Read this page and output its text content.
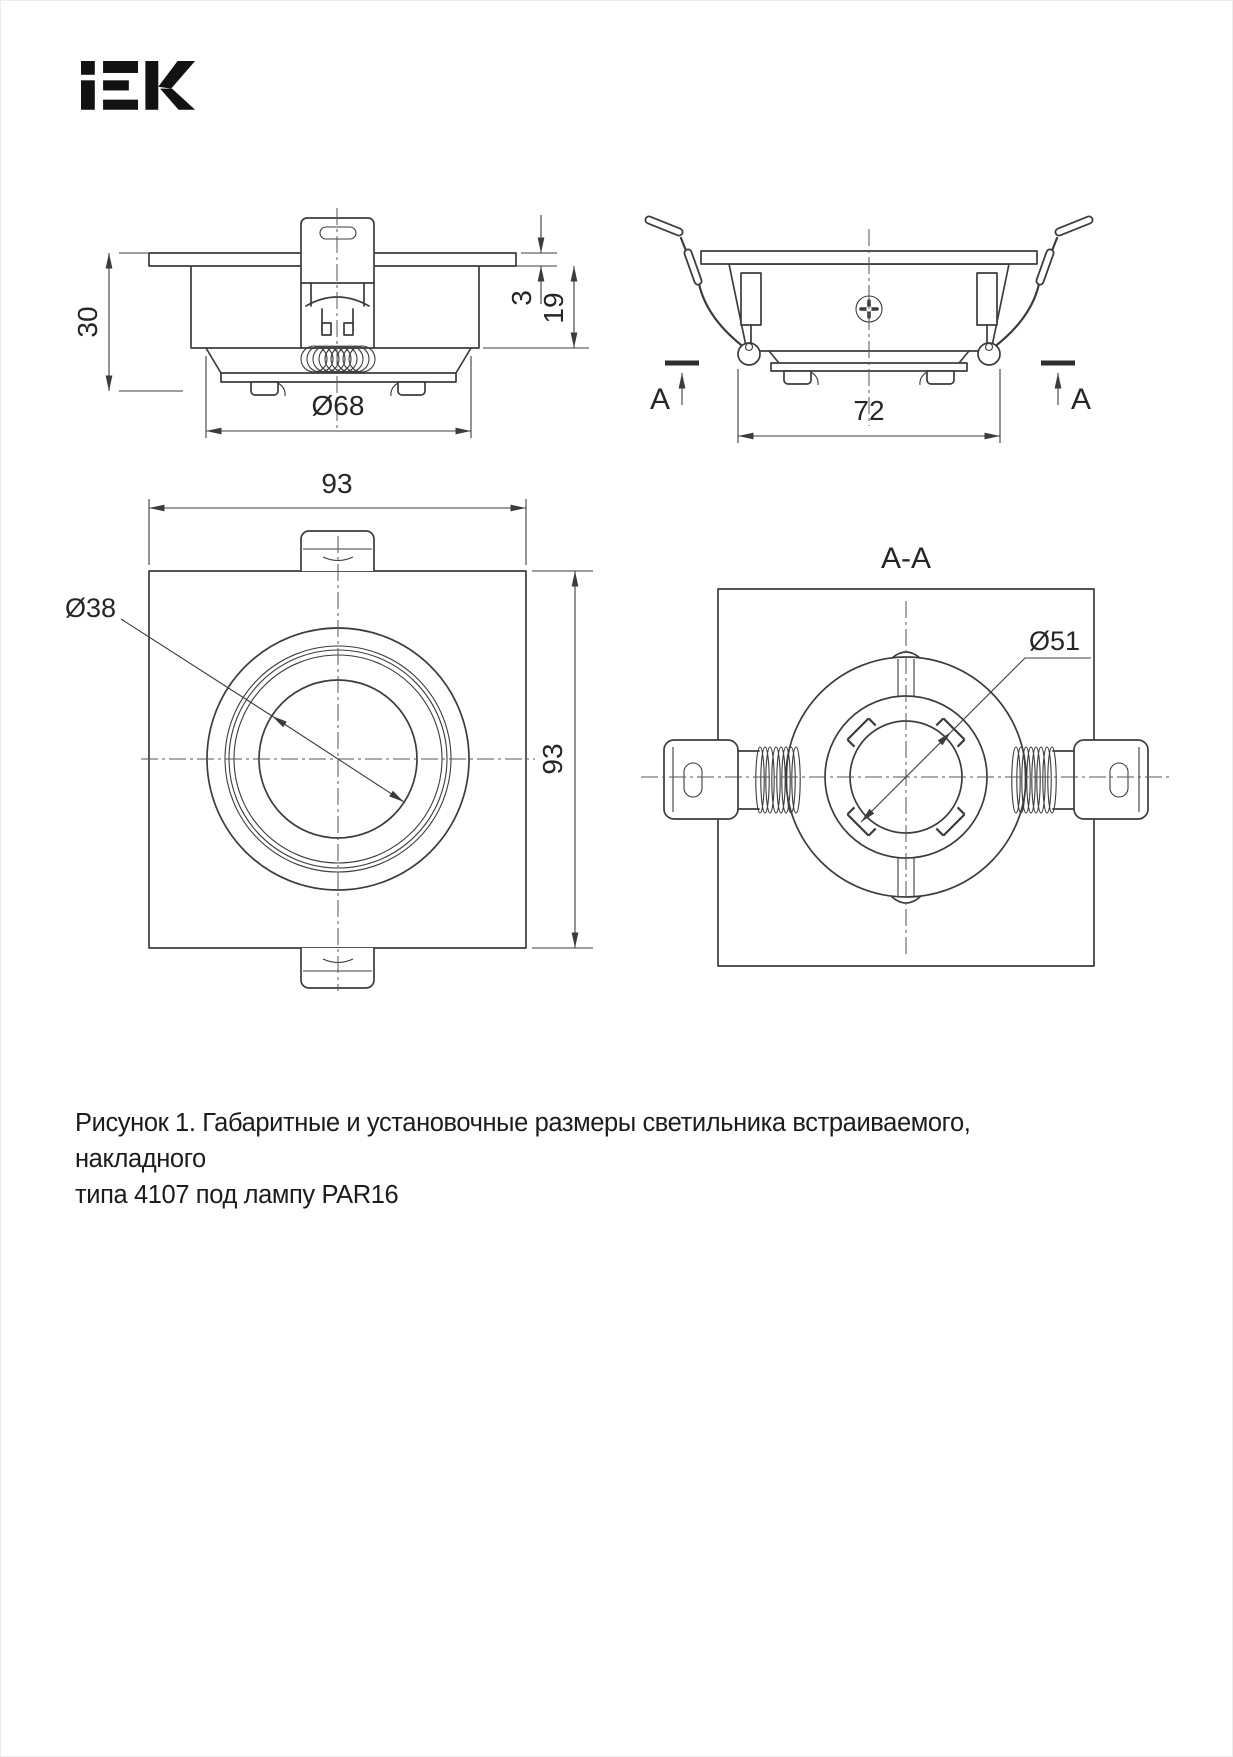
30
3 19
Ø68	А	А
72
Ø38
93
93
А-А
Ø51
Рисунок 1. Габаритные и установочные размеры светильника встраиваемого, накладного
типа 4107 под лампу PAR16
